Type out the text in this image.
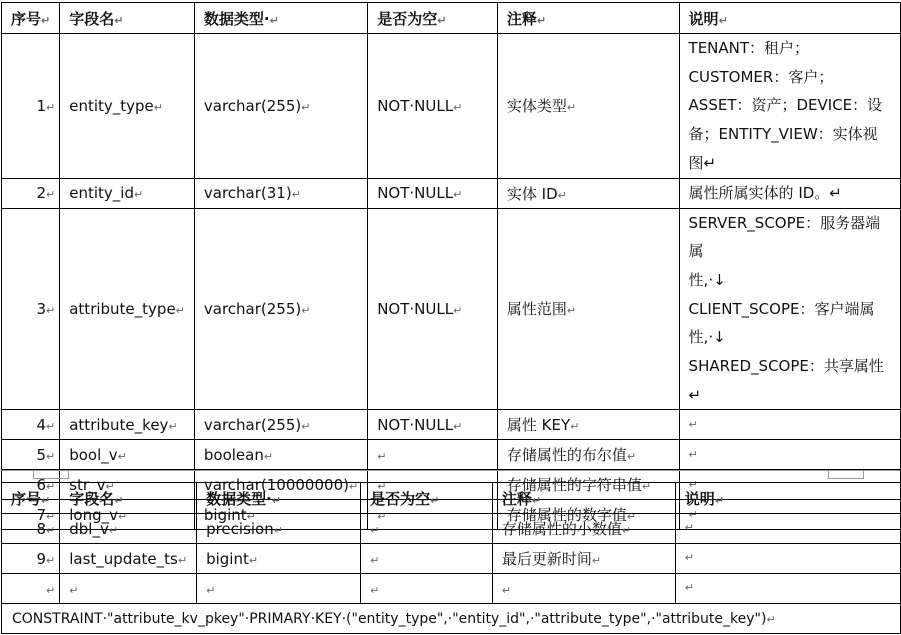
序号↵	字段名↵	数据类型·↵	是否为空↵	注释↵	说明↵
1↵	entity_type↵	varchar(255)↵	NOT·NULL↵	实体类型↵	TENANT：租户；
CUSTOMER：客户；
ASSET：资产；DEVICE：设
备；ENTITY_VIEW：实体视
图↵

2↵	entity_id↵	varchar(31)↵	NOT·NULL↵	实体 ID↵	属性所属实体的 ID。↵

3↵	attribute_type↵	varchar(255)↵	NOT·NULL↵	属性范围↵	SERVER_SCOPE：服务器端属
性,·↓
CLIENT_SCOPE：客户端属
性,·↓
SHARED_SCOPE：共享属性↵

4↵	attribute_key↵	varchar(255)↵	NOT·NULL↵	属性 KEY↵	↵

5↵	bool_v↵	boolean↵	↵	存储属性的布尔值↵	↵

6↵	str_v↵	varchar(10000000)↵	↵	存储属性的字符串值↵	↵

7↵	long_v↵	bigint↵	↵	存储属性的数字值↵	↵
序号↵	字段名↵	数据类型·↵	是否为空↵	注释↵	说明↵
8↵	dbl_v↵	precision↵	↵	存储属性的小数值↵	↵

9↵	last_update_ts↵	bigint↵	↵	最后更新时间↵	↵

↵	↵	↵	↵	↵	↵

CONSTRAINT·"attribute_kv_pkey"·PRIMARY·KEY·("entity_type",·"entity_id",·"attribute_type",·"attribute_key")↵					
